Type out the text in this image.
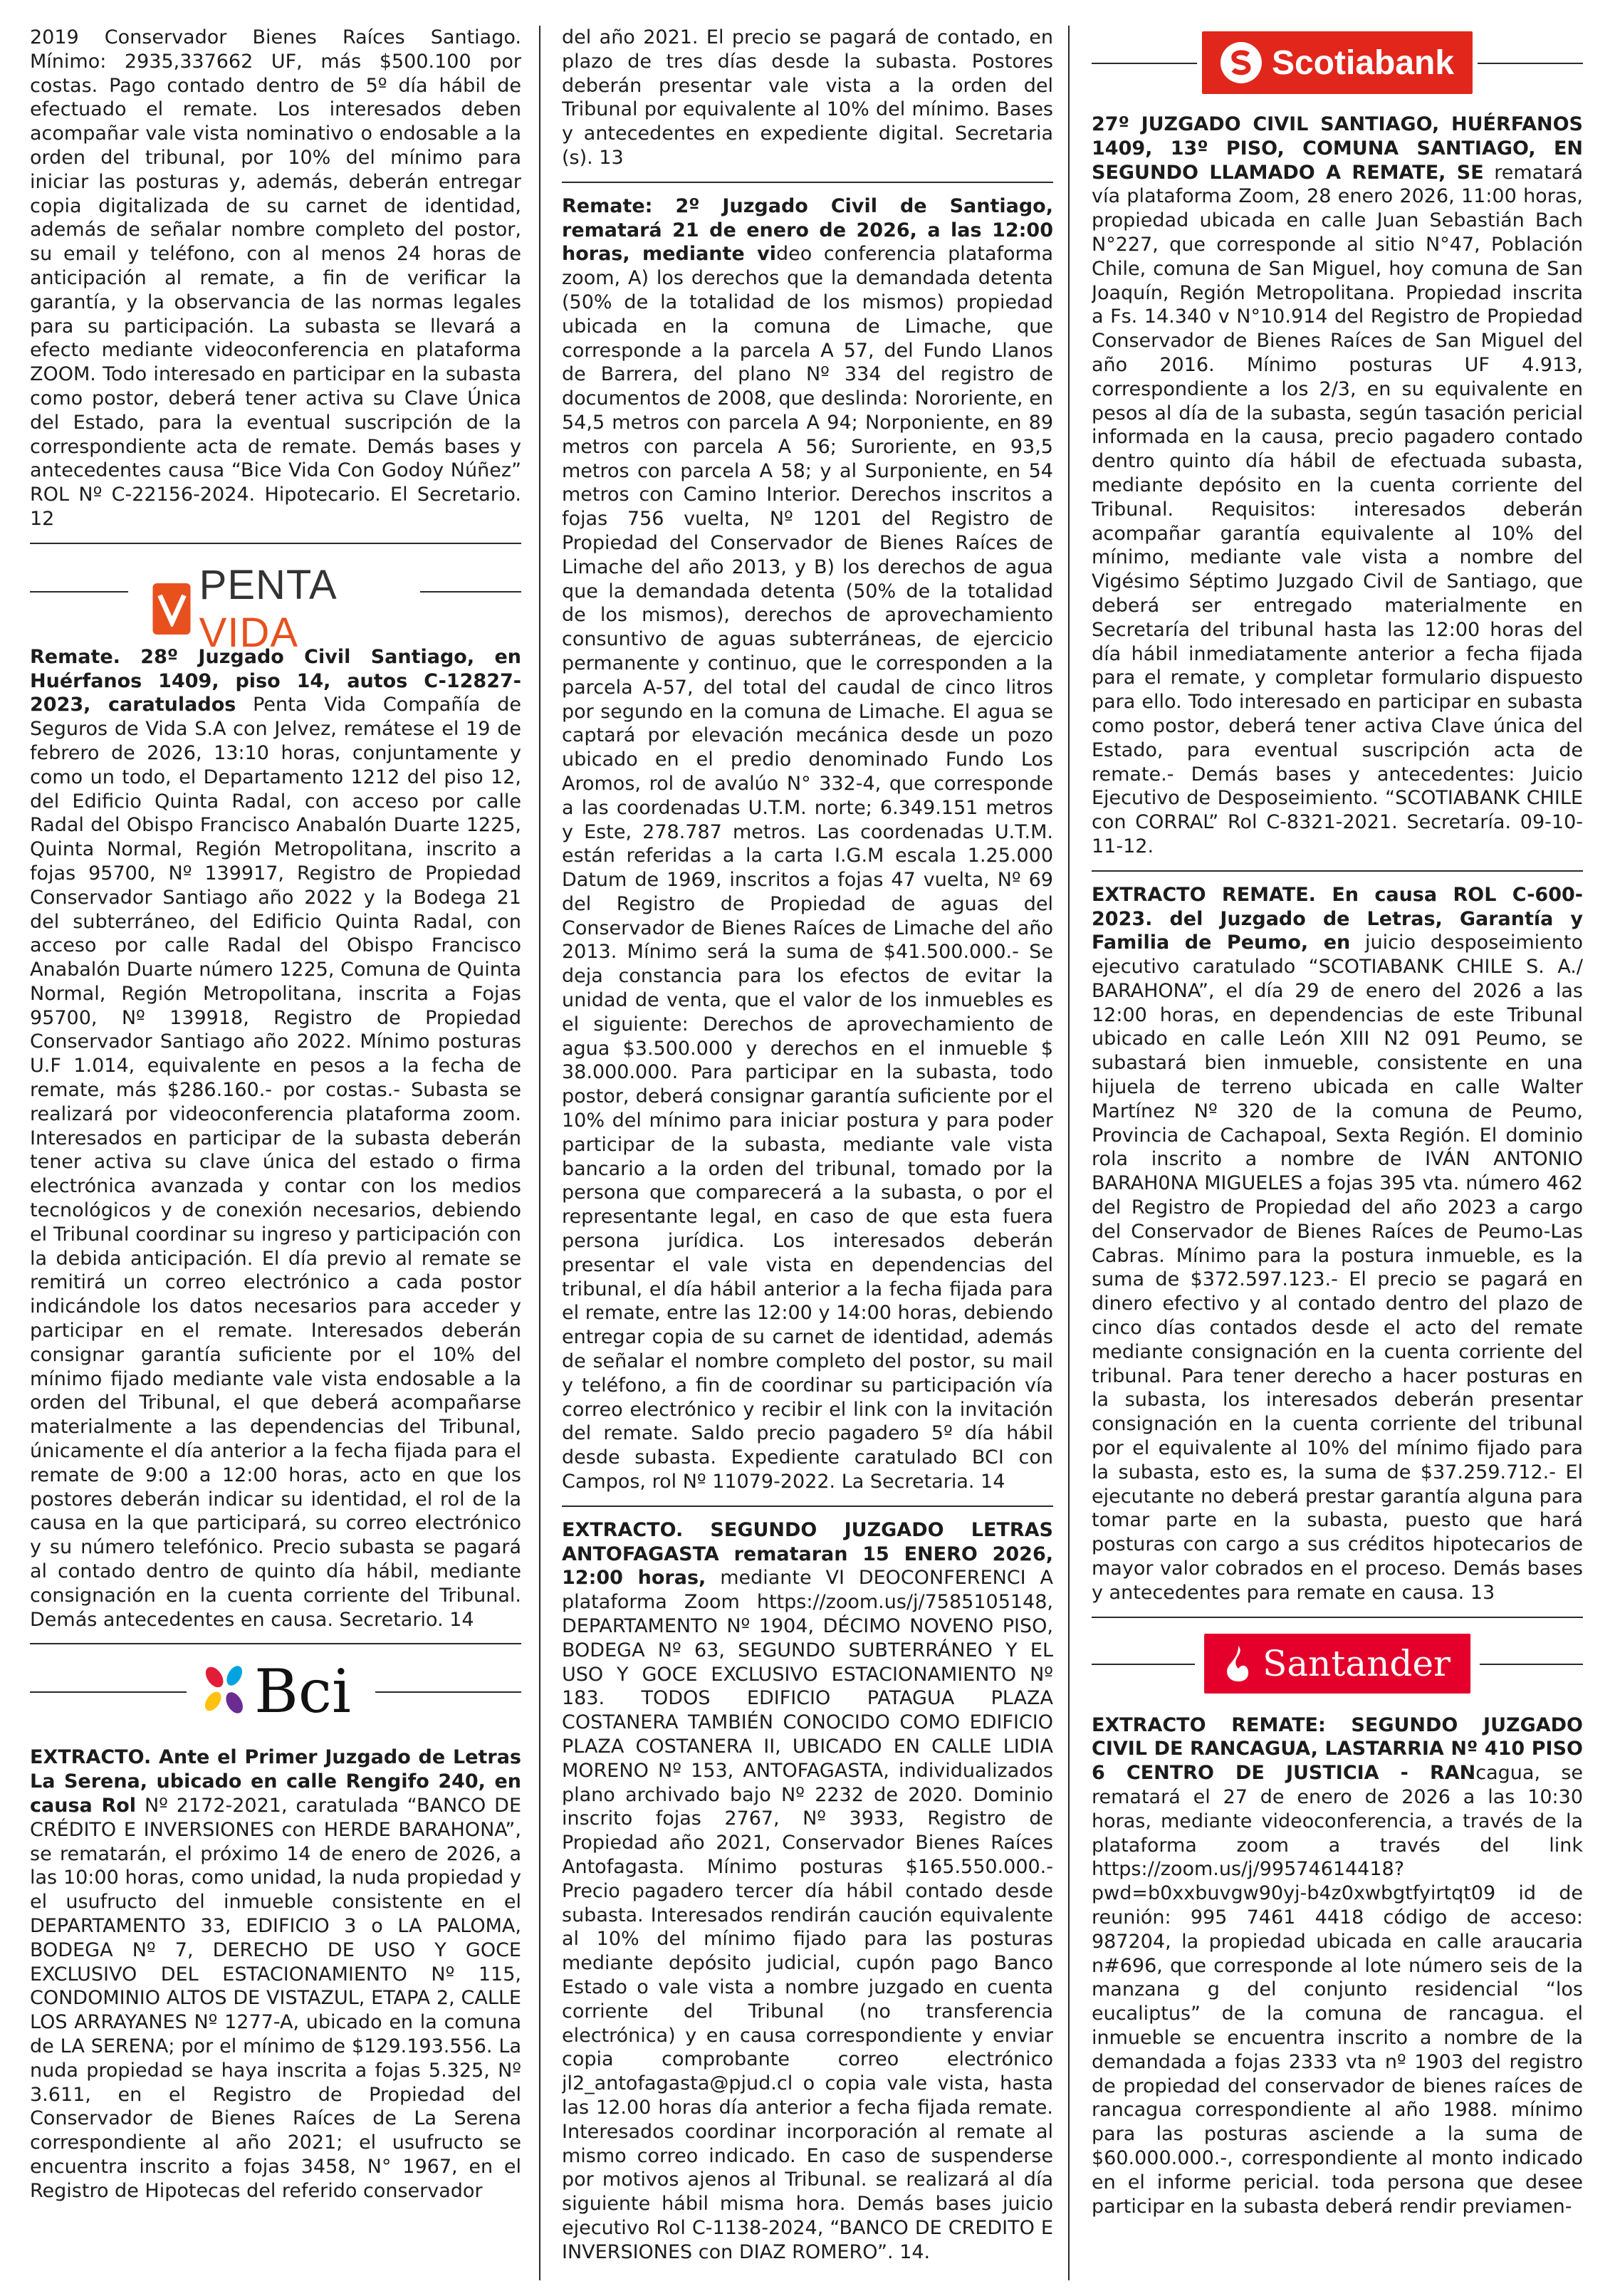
2019 Conservador Bienes Raíces Santiago. Mínimo: 2935,337662 UF, más $500.100 por costas. Pago contado dentro de 5º día hábil de efectuado el remate. Los interesados deben acompañar vale vista nominativo o endosable a la orden del tribunal, por 10% del mínimo para iniciar las posturas y, además, deberán entregar copia digitalizada de su carnet de identidad, además de señalar nombre completo del postor, su email y teléfono, con al menos 24 horas de anticipación al remate, a fin de verificar la garantía, y la observancia de las normas legales para su participación. La subasta se llevará a efecto mediante videoconferencia en plataforma ZOOM. Todo interesado en participar en la subasta como postor, deberá tener activa su Clave Única del Estado, para la eventual suscripción de la correspondiente acta de remate. Demás bases y antecedentes causa “Bice Vida Con Godoy Núñez” ROL Nº C-22156-2024. Hipotecario. El Secretario. 12

PENTA VIDA

Remate. 28º Juzgado Civil Santiago, en Huérfanos 1409, piso 14, autos C-12827-2023, caratulados Penta Vida Compañía de Seguros de Vida S.A con Jelvez, remátese el 19 de febrero de 2026, 13:10 horas, conjuntamente y como un todo, el Departamento 1212 del piso 12, del Edificio Quinta Radal, con acceso por calle Radal del Obispo Francisco Anabalón Duarte 1225, Quinta Normal, Región Metropolitana, inscrito a fojas 95700, Nº 139917, Registro de Propiedad Conservador Santiago año 2022 y la Bodega 21 del subterráneo, del Edificio Quinta Radal, con acceso por calle Radal del Obispo Francisco Anabalón Duarte número 1225, Comuna de Quinta Normal, Región Metropolitana, inscrita a Fojas 95700, Nº 139918, Registro de Propiedad Conservador Santiago año 2022. Mínimo posturas U.F 1.014, equivalente en pesos a la fecha de remate, más $286.160.- por costas.- Subasta se realizará por videoconferencia plataforma zoom. Interesados en participar de la subasta deberán tener activa su clave única del estado o firma electrónica avanzada y contar con los medios tecnológicos y de conexión necesarios, debiendo el Tribunal coordinar su ingreso y participación con la debida anticipación. El día previo al remate se remitirá un correo electrónico a cada postor indicándole los datos necesarios para acceder y participar en el remate. Interesados deberán consignar garantía suficiente por el 10% del mínimo fijado mediante vale vista endosable a la orden del Tribunal, el que deberá acompañarse materialmente a las dependencias del Tribunal, únicamente el día anterior a la fecha fijada para el remate de 9:00 a 12:00 horas, acto en que los postores deberán indicar su identidad, el rol de la causa en la que participará, su correo electrónico y su número telefónico. Precio subasta se pagará al contado dentro de quinto día hábil, mediante consignación en la cuenta corriente del Tribunal. Demás antecedentes en causa. Secretario. 14

Bci

EXTRACTO. Ante el Primer Juzgado de Letras La Serena, ubicado en calle Rengifo 240, en causa Rol Nº 2172-2021, caratulada “BANCO DE CRÉDITO E INVERSIONES con HERDE BARAHONA”, se rematarán, el próximo 14 de enero de 2026, a las 10:00 horas, como unidad, la nuda propiedad y el usufructo del inmueble consistente en el DEPARTAMENTO 33, EDIFICIO 3 o LA PALOMA, BODEGA Nº 7, DERECHO DE USO Y GOCE EXCLUSIVO DEL ESTACIONAMIENTO Nº 115, CONDOMINIO ALTOS DE VISTAZUL, ETAPA 2, CALLE LOS ARRAYANES Nº 1277-A, ubicado en la comuna de LA SERENA; por el mínimo de $129.193.556. La nuda propiedad se haya inscrita a fojas 5.325, Nº 3.611, en el Registro de Propiedad del Conservador de Bienes Raíces de La Serena correspondiente al año 2021; el usufructo se encuentra inscrito a fojas 3458, N° 1967, en el Registro de Hipotecas del referido conservador

del año 2021. El precio se pagará de contado, en plazo de tres días desde la subasta. Postores deberán presentar vale vista a la orden del Tribunal por equivalente al 10% del mínimo. Bases y antecedentes en expediente digital. Secretaria (s). 13

Remate: 2º Juzgado Civil de Santiago, rematará 21 de enero de 2026, a las 12:00 horas, mediante video conferencia plataforma zoom, A) los derechos que la demandada detenta (50% de la totalidad de los mismos) propiedad ubicada en la comuna de Limache, que corresponde a la parcela A 57, del Fundo Llanos de Barrera, del plano Nº 334 del registro de documentos de 2008, que deslinda: Nororiente, en 54,5 metros con parcela A 94; Norponiente, en 89 metros con parcela A 56; Suroriente, en 93,5 metros con parcela A 58; y al Surponiente, en 54 metros con Camino Interior. Derechos inscritos a fojas 756 vuelta, Nº 1201 del Registro de Propiedad del Conservador de Bienes Raíces de Limache del año 2013, y B) los derechos de agua que la demandada detenta (50% de la totalidad de los mismos), derechos de aprovechamiento consuntivo de aguas subterráneas, de ejercicio permanente y continuo, que le corresponden a la parcela A-57, del total del caudal de cinco litros por segundo en la comuna de Limache. El agua se captará por elevación mecánica desde un pozo ubicado en el predio denominado Fundo Los Aromos, rol de avalúo N° 332-4, que corresponde a las coordenadas U.T.M. norte; 6.349.151 metros y Este, 278.787 metros. Las coordenadas U.T.M. están referidas a la carta I.G.M escala 1.25.000 Datum de 1969, inscritos a fojas 47 vuelta, Nº 69 del Registro de Propiedad de aguas del Conservador de Bienes Raíces de Limache del año 2013. Mínimo será la suma de $41.500.000.- Se deja constancia para los efectos de evitar la unidad de venta, que el valor de los inmuebles es el siguiente: Derechos de aprovechamiento de agua $3.500.000 y derechos en el inmueble $ 38.000.000. Para participar en la subasta, todo postor, deberá consignar garantía suficiente por el 10% del mínimo para iniciar postura y para poder participar de la subasta, mediante vale vista bancario a la orden del tribunal, tomado por la persona que comparecerá a la subasta, o por el representante legal, en caso de que esta fuera persona jurídica. Los interesados deberán presentar el vale vista en dependencias del tribunal, el día hábil anterior a la fecha fijada para el remate, entre las 12:00 y 14:00 horas, debiendo entregar copia de su carnet de identidad, además de señalar el nombre completo del postor, su mail y teléfono, a fin de coordinar su participación vía correo electrónico y recibir el link con la invitación del remate. Saldo precio pagadero 5º día hábil desde subasta. Expediente caratulado BCI con Campos, rol Nº 11079-2022. La Secretaria. 14

EXTRACTO. SEGUNDO JUZGADO LETRAS ANTOFAGASTA remataran 15 ENERO 2026, 12:00 horas, mediante VI DEOCONFERENCI A plataforma Zoom https://zoom.us/j/7585105148, DEPARTAMENTO Nº 1904, DÉCIMO NOVENO PISO, BODEGA Nº 63, SEGUNDO SUBTERRÁNEO Y EL USO Y GOCE EXCLUSIVO ESTACIONAMIENTO Nº 183. TODOS EDIFICIO PATAGUA PLAZA COSTANERA TAMBIÉN CONOCIDO COMO EDIFICIO PLAZA COSTANERA II, UBICADO EN CALLE LIDIA MORENO Nº 153, ANTOFAGASTA, individualizados plano archivado bajo Nº 2232 de 2020. Dominio inscrito fojas 2767, Nº 3933, Registro de Propiedad año 2021, Conservador Bienes Raíces Antofagasta. Mínimo posturas $165.550.000.- Precio pagadero tercer día hábil contado desde subasta. Interesados rendirán caución equivalente al 10% del mínimo fijado para las posturas mediante depósito judicial, cupón pago Banco Estado o vale vista a nombre juzgado en cuenta corriente del Tribunal (no transferencia electrónica) y en causa correspondiente y enviar copia comprobante correo electrónico jl2_antofagasta@pjud.cl o copia vale vista, hasta las 12.00 horas día anterior a fecha fijada remate. Interesados coordinar incorporación al remate al mismo correo indicado. En caso de suspenderse por motivos ajenos al Tribunal. se realizará al día siguiente hábil misma hora. Demás bases juicio ejecutivo Rol C-1138-2024, “BANCO DE CREDITO E INVERSIONES con DIAZ ROMERO”. 14.

Scotiabank

27º JUZGADO CIVIL SANTIAGO, HUÉRFANOS 1409, 13º PISO, COMUNA SANTIAGO, EN SEGUNDO LLAMADO A REMATE, SE rematará vía plataforma Zoom, 28 enero 2026, 11:00 horas, propiedad ubicada en calle Juan Sebastián Bach N°227, que corresponde al sitio N°47, Población Chile, comuna de San Miguel, hoy comuna de San Joaquín, Región Metropolitana. Propiedad inscrita a Fs. 14.340 v N°10.914 del Registro de Propiedad Conservador de Bienes Raíces de San Miguel del año 2016. Mínimo posturas UF 4.913, correspondiente a los 2/3, en su equivalente en pesos al día de la subasta, según tasación pericial informada en la causa, precio pagadero contado dentro quinto día hábil de efectuada subasta, mediante depósito en la cuenta corriente del Tribunal. Requisitos: interesados deberán acompañar garantía equivalente al 10% del mínimo, mediante vale vista a nombre del Vigésimo Séptimo Juzgado Civil de Santiago, que deberá ser entregado materialmente en Secretaría del tribunal hasta las 12:00 horas del día hábil inmediatamente anterior a fecha fijada para el remate, y completar formulario dispuesto para ello. Todo interesado en participar en subasta como postor, deberá tener activa Clave única del Estado, para eventual suscripción acta de remate.- Demás bases y antecedentes: Juicio Ejecutivo de Desposeimiento. “SCOTIABANK CHILE con CORRAL” Rol C-8321-2021. Secretaría. 09-10-11-12.

EXTRACTO REMATE. En causa ROL C-600-2023. del Juzgado de Letras, Garantía y Familia de Peumo, en juicio desposeimiento ejecutivo caratulado “SCOTIABANK CHILE S. A./ BARAHONA”, el día 29 de enero del 2026 a las 12:00 horas, en dependencias de este Tribunal ubicado en calle León XIII N2 091 Peumo, se subastará bien inmueble, consistente en una hijuela de terreno ubicada en calle Walter Martínez Nº 320 de la comuna de Peumo, Provincia de Cachapoal, Sexta Región. El dominio rola inscrito a nombre de IVÁN ANTONIO BARAH0NA MIGUELES a fojas 395 vta. número 462 del Registro de Propiedad del año 2023 a cargo del Conservador de Bienes Raíces de Peumo-Las Cabras. Mínimo para la postura inmueble, es la suma de $372.597.123.- El precio se pagará en dinero efectivo y al contado dentro del plazo de cinco días contados desde el acto del remate mediante consignación en la cuenta corriente del tribunal. Para tener derecho a hacer posturas en la subasta, los interesados deberán presentar consignación en la cuenta corriente del tribunal por el equivalente al 10% del mínimo fijado para la subasta, esto es, la suma de $37.259.712.- El ejecutante no deberá prestar garantía alguna para tomar parte en la subasta, puesto que hará posturas con cargo a sus créditos hipotecarios de mayor valor cobrados en el proceso. Demás bases y antecedentes para remate en causa. 13

Santander

EXTRACTO REMATE: SEGUNDO JUZGADO CIVIL DE RANCAGUA, LASTARRIA Nº 410 PISO 6 CENTRO DE JUSTICIA - RANcagua, se rematará el 27 de enero de 2026 a las 10:30 horas, mediante videoconferencia, a través de la plataforma zoom a través del link https://zoom.us/j/99574614418?pwd=b0xxbuvgw90yj-b4z0xwbgtfyirtqt09 id de reunión: 995 7461 4418 código de acceso: 987204, la propiedad ubicada en calle araucaria n#696, que corresponde al lote número seis de la manzana g del conjunto residencial “los eucaliptus” de la comuna de rancagua. el inmueble se encuentra inscrito a nombre de la demandada a fojas 2333 vta nº 1903 del registro de propiedad del conservador de bienes raíces de rancagua correspondiente al año 1988. mínimo para las posturas asciende a la suma de $60.000.000.-, correspondiente al monto indicado en el informe pericial. toda persona que desee participar en la subasta deberá rendir previamen-
